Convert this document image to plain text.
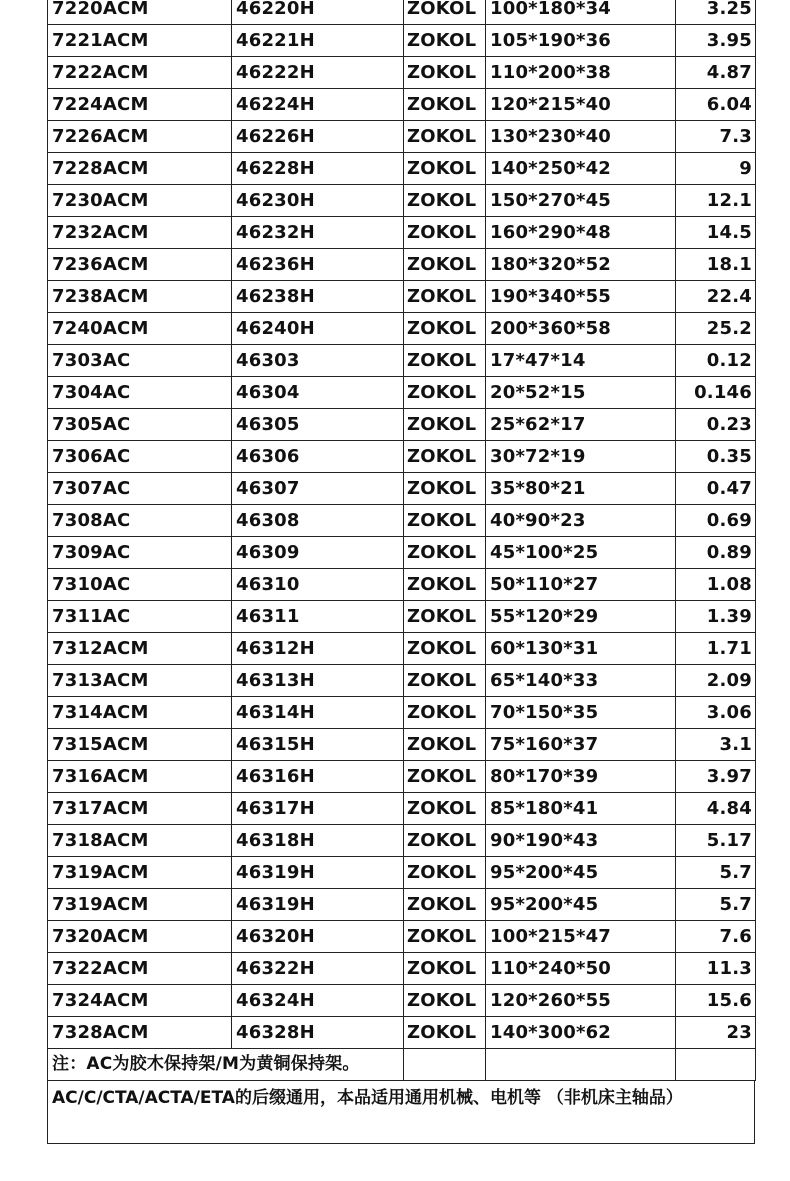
7220ACM	46220H	ZOKOL	100*180*34	3.25
7221ACM	46221H	ZOKOL	105*190*36	3.95
7222ACM	46222H	ZOKOL	110*200*38	4.87
7224ACM	46224H	ZOKOL	120*215*40	6.04
7226ACM	46226H	ZOKOL	130*230*40	7.3
7228ACM	46228H	ZOKOL	140*250*42	9
7230ACM	46230H	ZOKOL	150*270*45	12.1
7232ACM	46232H	ZOKOL	160*290*48	14.5
7236ACM	46236H	ZOKOL	180*320*52	18.1
7238ACM	46238H	ZOKOL	190*340*55	22.4
7240ACM	46240H	ZOKOL	200*360*58	25.2
7303AC	46303	ZOKOL	17*47*14	0.12
7304AC	46304	ZOKOL	20*52*15	0.146
7305AC	46305	ZOKOL	25*62*17	0.23
7306AC	46306	ZOKOL	30*72*19	0.35
7307AC	46307	ZOKOL	35*80*21	0.47
7308AC	46308	ZOKOL	40*90*23	0.69
7309AC	46309	ZOKOL	45*100*25	0.89
7310AC	46310	ZOKOL	50*110*27	1.08
7311AC	46311	ZOKOL	55*120*29	1.39
7312ACM	46312H	ZOKOL	60*130*31	1.71
7313ACM	46313H	ZOKOL	65*140*33	2.09
7314ACM	46314H	ZOKOL	70*150*35	3.06
7315ACM	46315H	ZOKOL	75*160*37	3.1
7316ACM	46316H	ZOKOL	80*170*39	3.97
7317ACM	46317H	ZOKOL	85*180*41	4.84
7318ACM	46318H	ZOKOL	90*190*43	5.17
7319ACM	46319H	ZOKOL	95*200*45	5.7
7319ACM	46319H	ZOKOL	95*200*45	5.7
7320ACM	46320H	ZOKOL	100*215*47	7.6
7322ACM	46322H	ZOKOL	110*240*50	11.3
7324ACM	46324H	ZOKOL	120*260*55	15.6
7328ACM	46328H	ZOKOL	140*300*62	23
注：AC为胶木保持架/M为黄铜保持架。				
AC/C/CTA/ACTA/ETA的后缀通用，本品适用通用机械、电机等 （非机床主轴品）
